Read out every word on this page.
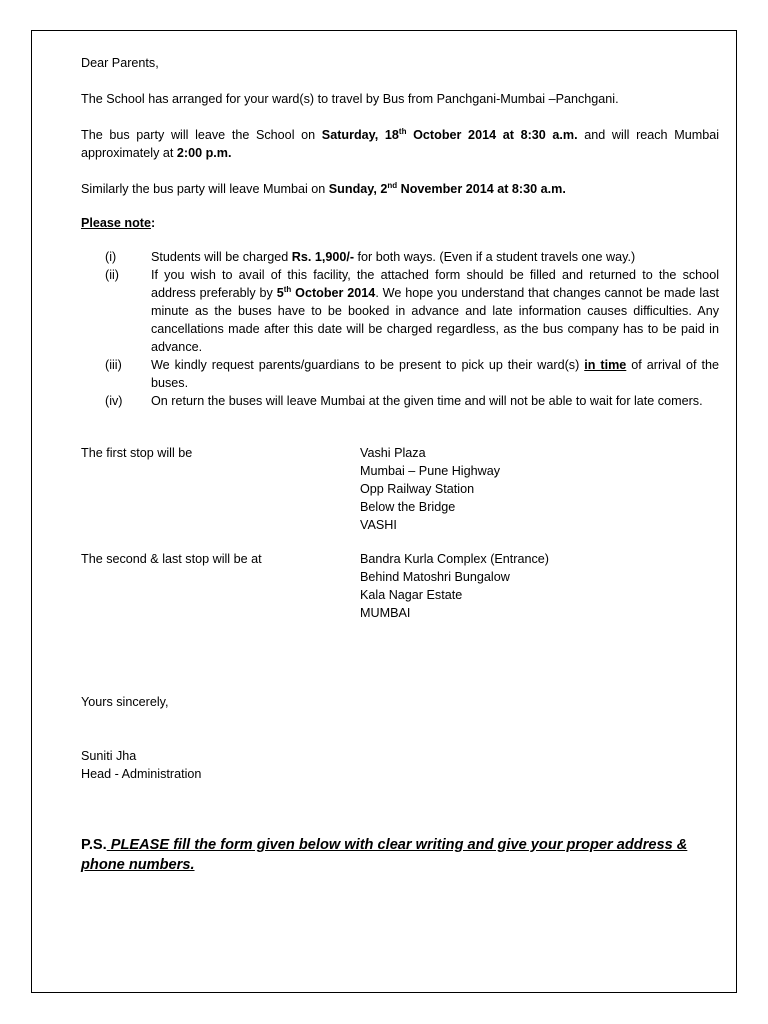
Dear Parents,

The School has arranged for your ward(s) to travel by Bus from Panchgani-Mumbai –Panchgani.

The bus party will leave the School on Saturday, 18th October 2014 at 8:30 a.m. and will reach Mumbai approximately at 2:00 p.m.

Similarly the bus party will leave Mumbai on Sunday, 2nd November 2014 at 8:30 a.m.

Please note:

(i)	Students will be charged Rs. 1,900/- for both ways. (Even if a student travels one way.)
(ii)	If you wish to avail of this facility, the attached form should be filled and returned to the school address preferably by 5th October 2014. We hope you understand that changes cannot be made last minute as the buses have to be booked in advance and late information causes difficulties. Any cancellations made after this date will be charged regardless, as the bus company has to be paid in advance.
(iii)	We kindly request parents/guardians to be present to pick up their ward(s) in time of arrival of the buses.
(iv)	On return the buses will leave Mumbai at the given time and will not be able to wait for late comers.
The first stop will be	Vashi Plaza
Mumbai – Pune Highway
Opp Railway Station
Below the Bridge
VASHI
The second & last stop will be at	Bandra Kurla Complex (Entrance)
Behind Matoshri Bungalow
Kala Nagar Estate
MUMBAI

Yours sincerely,

Suniti Jha

Head - Administration

P.S. PLEASE fill the form given below with clear writing and give your proper address & phone numbers.
